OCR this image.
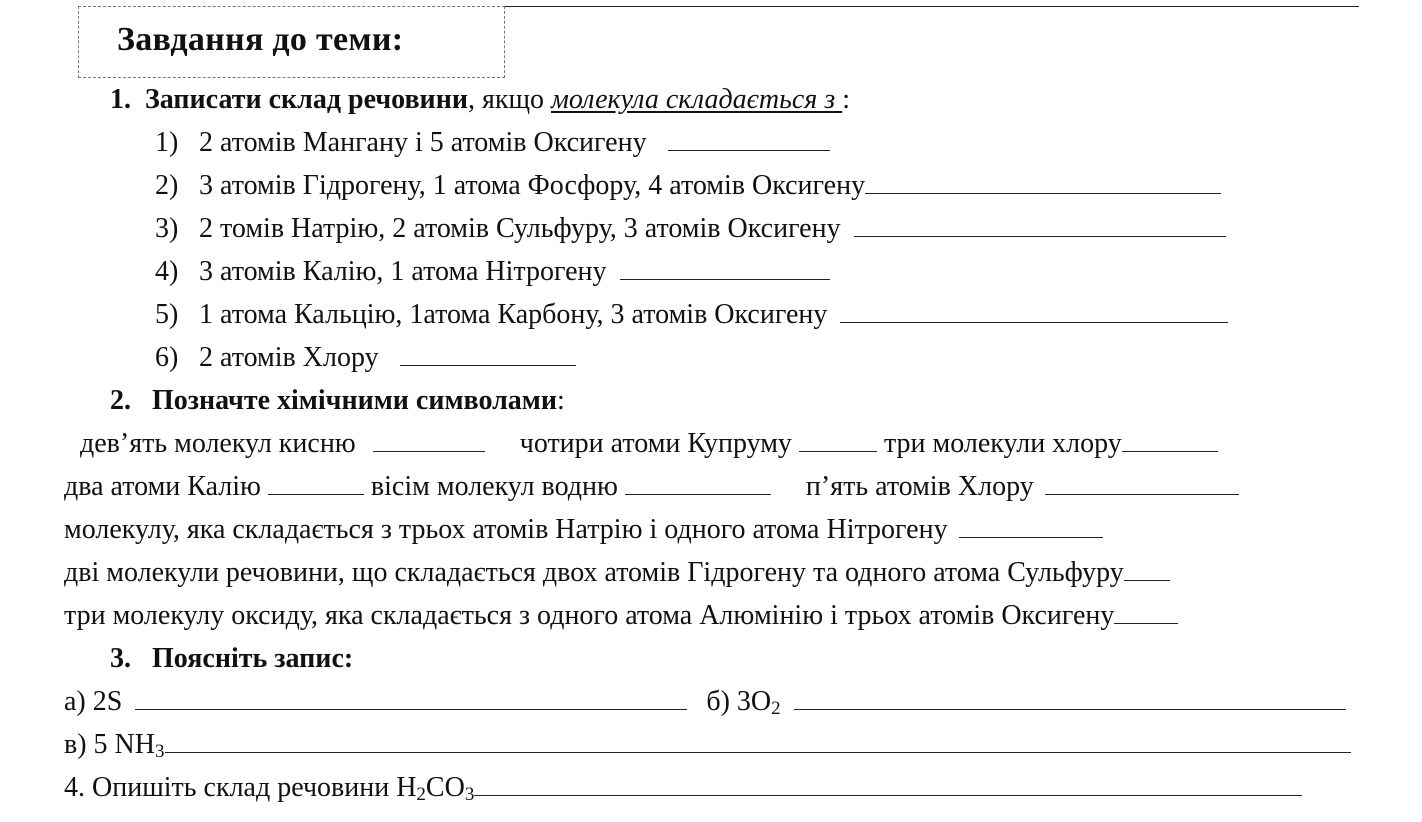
Завдання до теми:
1. Записати склад речовини, якщо молекула складається з :
1) 2 атомів Мангану і 5 атомів Оксигену
2) 3 атомів Гідрогену, 1 атома Фосфору, 4 атомів Оксигену
3) 2 томів Натрію, 2 атомів Сульфуру, 3 атомів Оксигену
4) 3 атомів Калію, 1 атома Нітрогену
5) 1 атома Кальцію, 1атома Карбону, 3 атомів Оксигену
6) 2 атомів Хлору
2. Позначте хімічними символами:
дев’ять молекул кисню	чотири атоми Купруму	три молекули хлору
два атоми Калію	вісім молекул водню	п’ять атомів Хлору
молекулу, яка складається з трьох атомів Натрію і одного атома Нітрогену
дві молекули речовини, що складається двох атомів Гідрогену та одного атома Сульфуру
три молекулу оксиду, яка складається з одного атома Алюмінію і трьох атомів Оксигену
3. Поясніть запис:
а) 2S	б) $3O_2$
в) 5 $NH_3$
4. Опишіть склад речовини $H_2CO_3$
